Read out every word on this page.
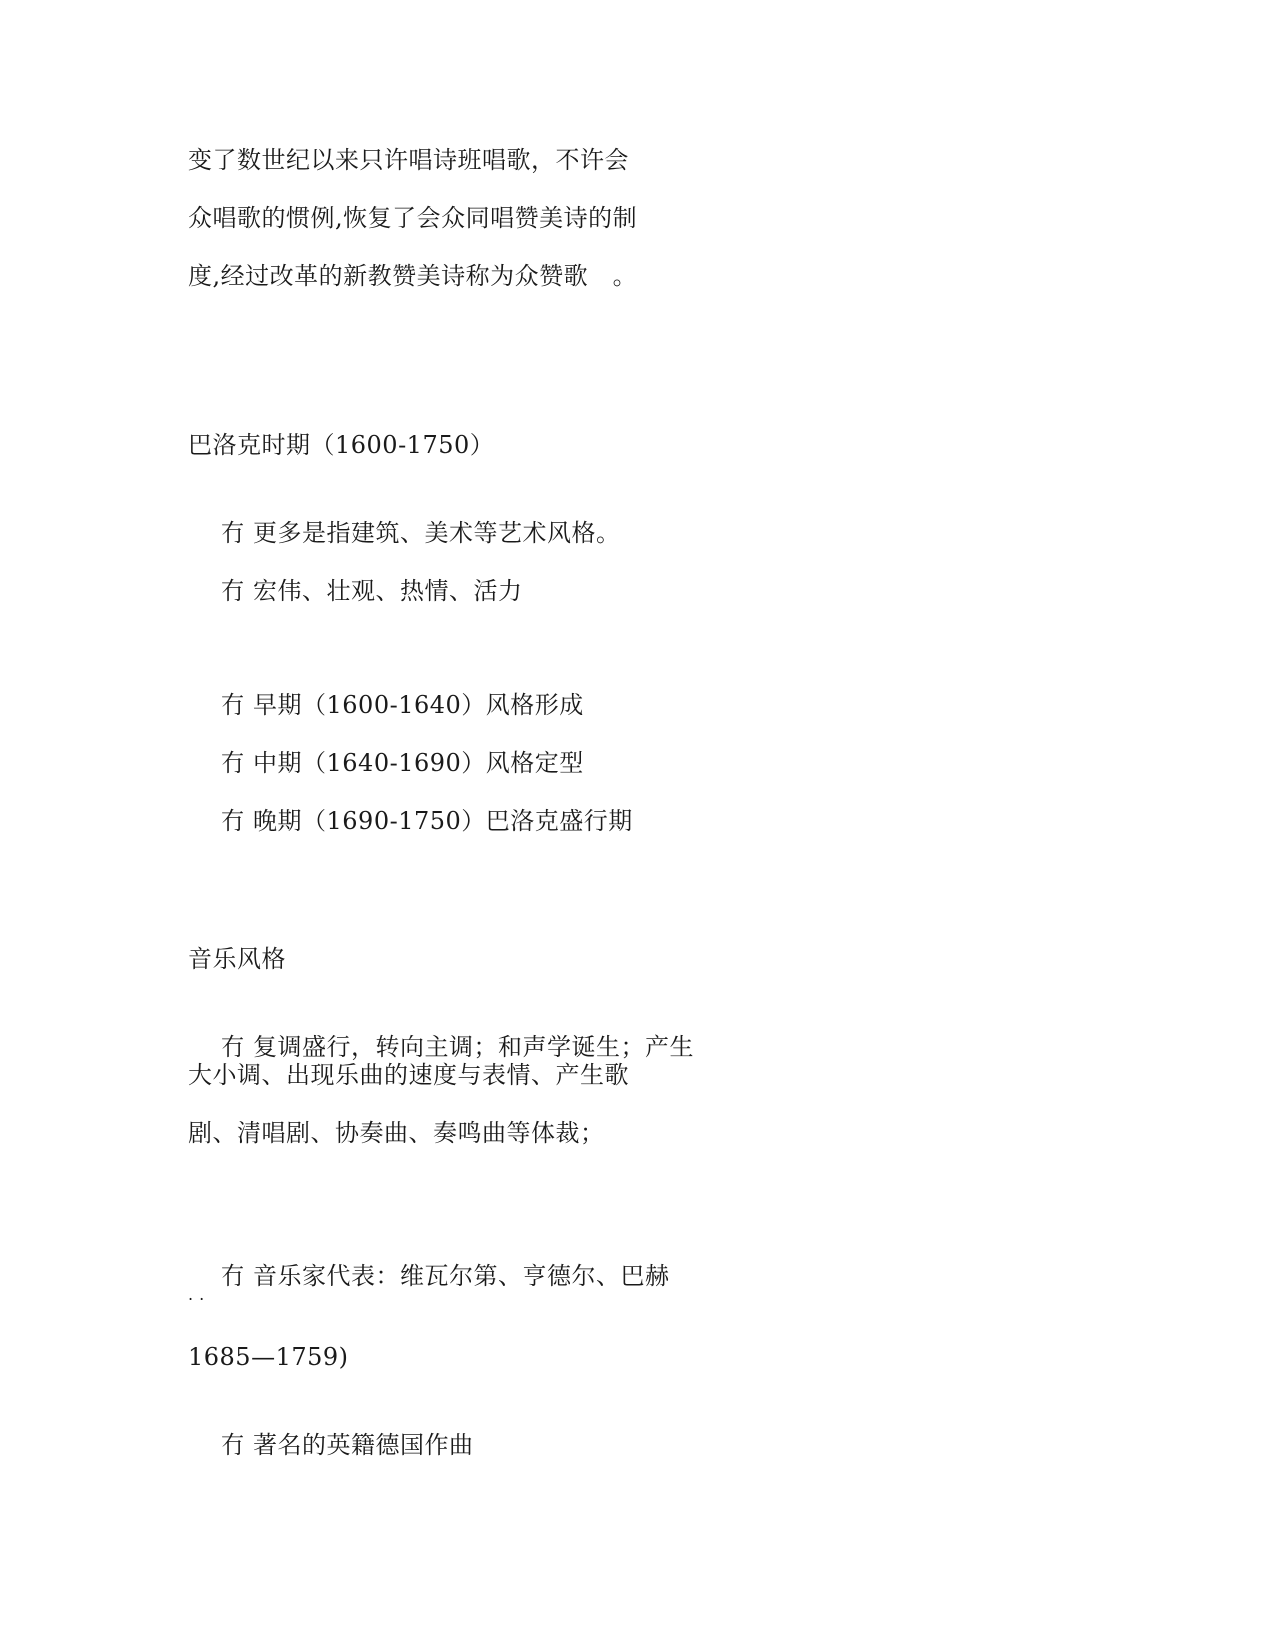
变了数世纪以来只许唱诗班唱歌，不许会
众唱歌的惯例,恢复了会众同唱赞美诗的制
度,经过改革的新教赞美诗称为众赞歌　。
巴洛克时期（1600-1750）

冇 更多是指建筑、美术等艺术风格。

冇 宏伟、壮观、热情、活力

冇 早期（1600-1640）风格形成

冇 中期（1640-1690）风格定型

冇 晚期（1690-1750）巴洛克盛行期

音乐风格

冇 复调盛行，转向主调；和声学诞生；产生

大小调、出现乐曲的速度与表情、产生歌
剧、清唱剧、协奏曲、奏鸣曲等体裁；

冇 音乐家代表：维瓦尔第、亨德尔、巴赫

. .
1685—1759)

冇 著名的英籍德国作曲
